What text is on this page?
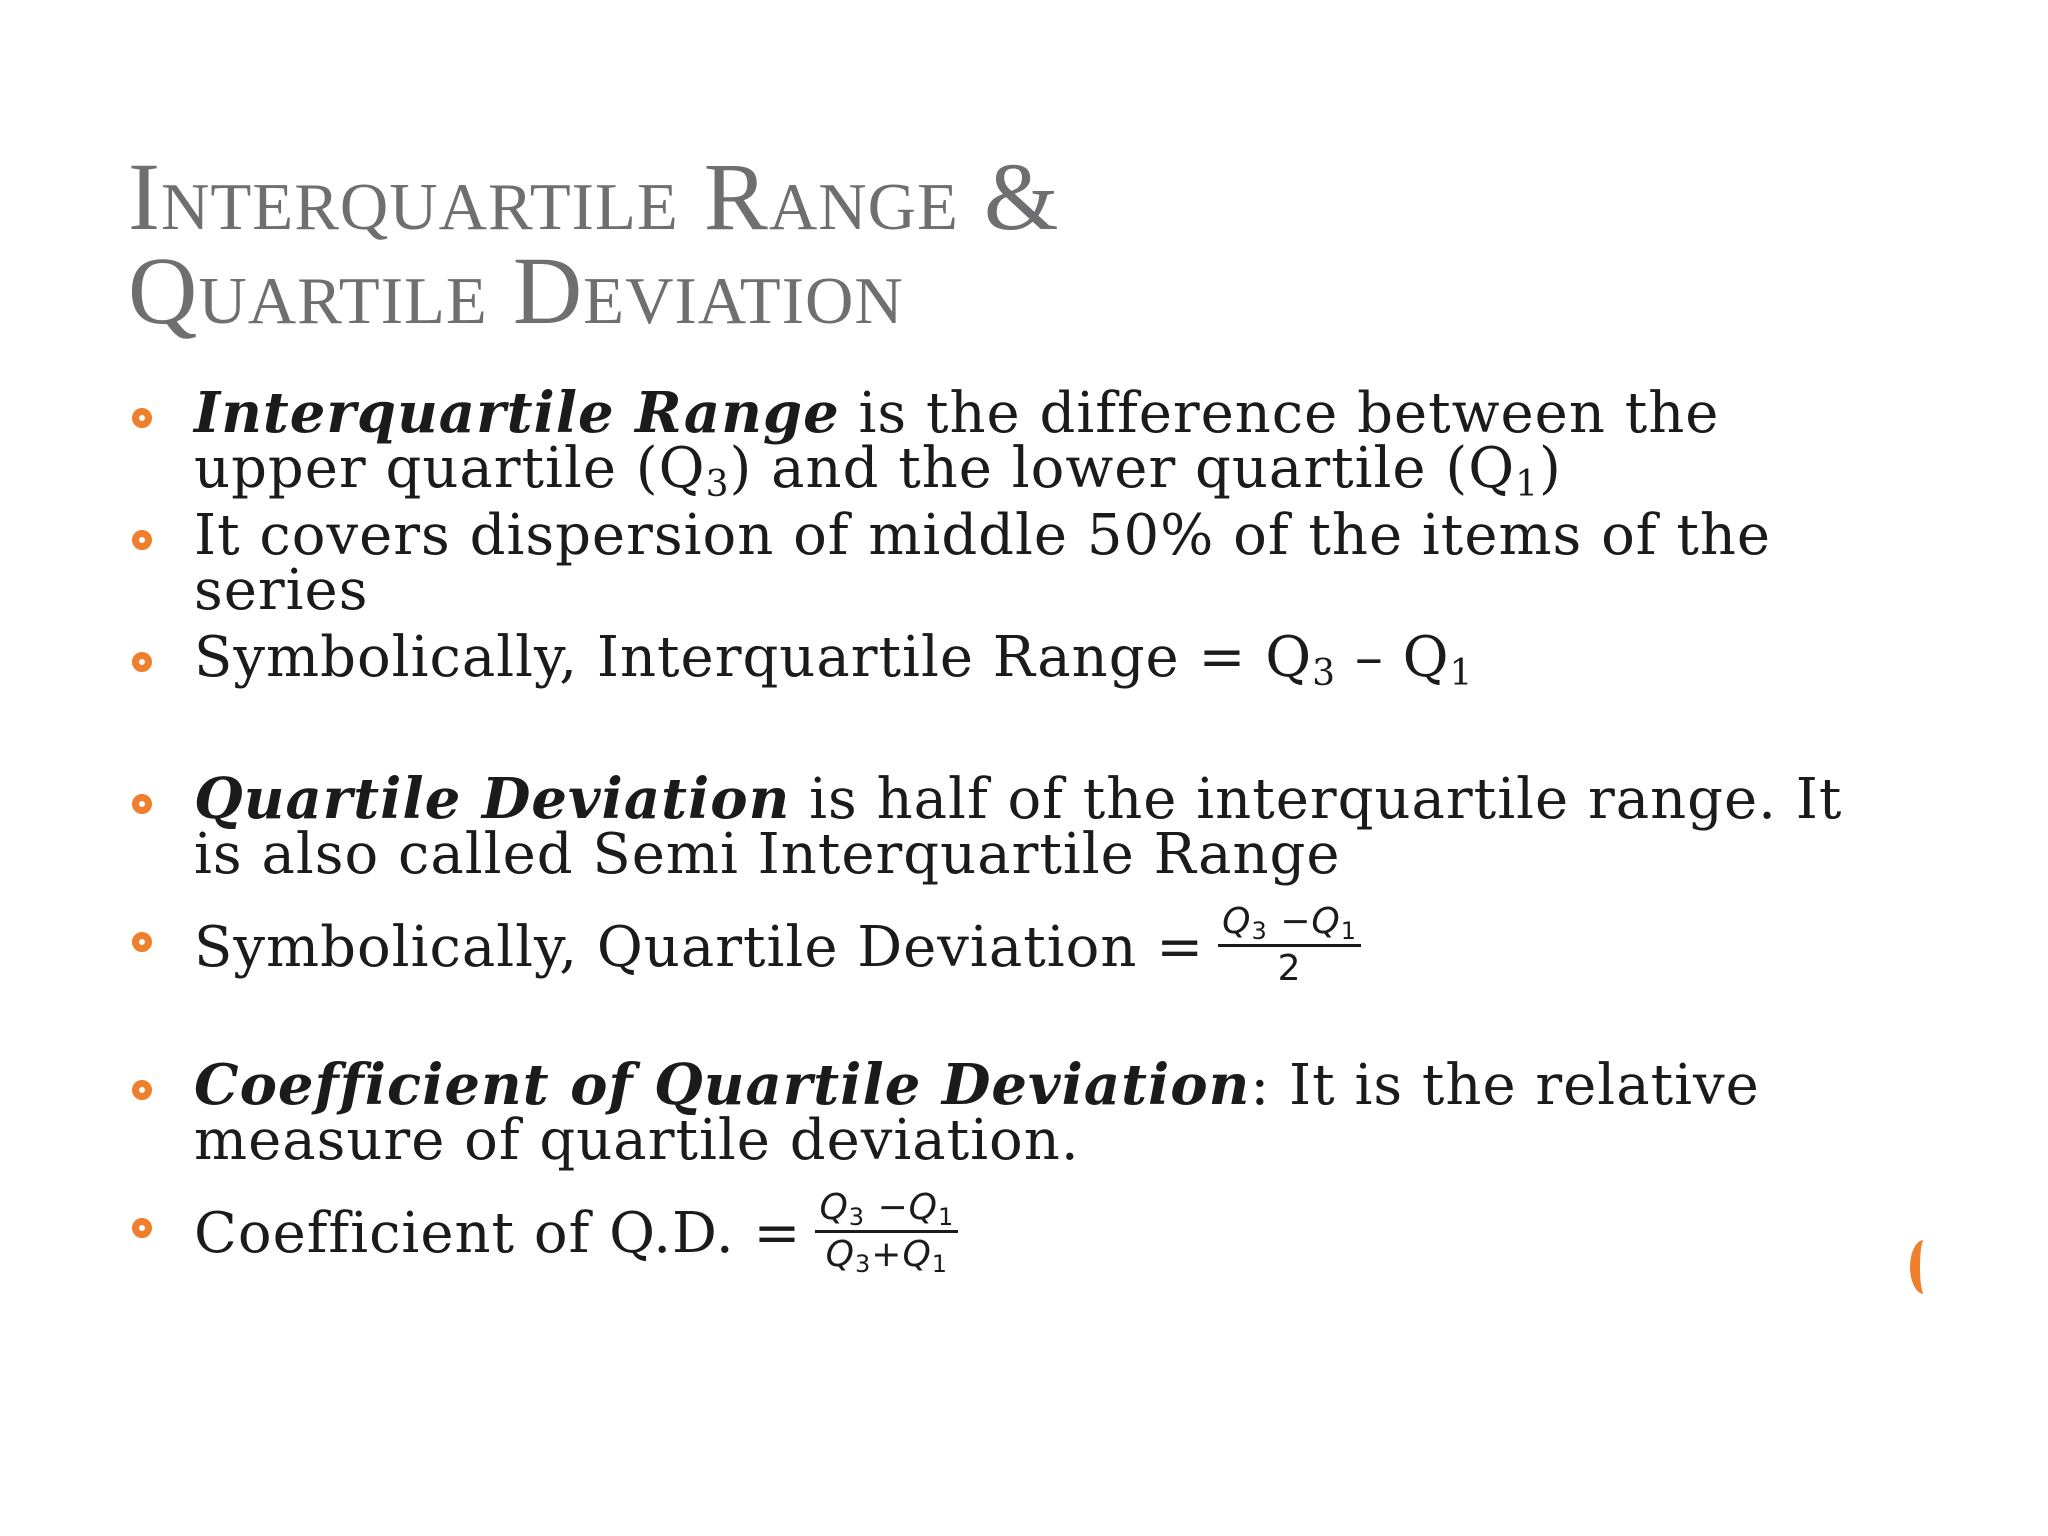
Interquartile Range &
Quartile Deviation
Interquartile Range is the difference between the
upper quartile $(Q_3)$ and the lower quartile $(Q_1)$
It covers dispersion of middle 50% of the items of the
series
Symbolically, Interquartile Range = $Q_3 - Q_1$
Quartile Deviation is half of the interquartile range. It
is also called Semi Interquartile Range
Symbolically, Quartile Deviation = $\frac{Q_3 -Q_1}{2}$
Coefficient of Quartile Deviation: It is the relative
measure of quartile deviation.
Coefficient of Q.D. = $\frac{Q_3 -Q_1}{Q_3+Q_1}$
